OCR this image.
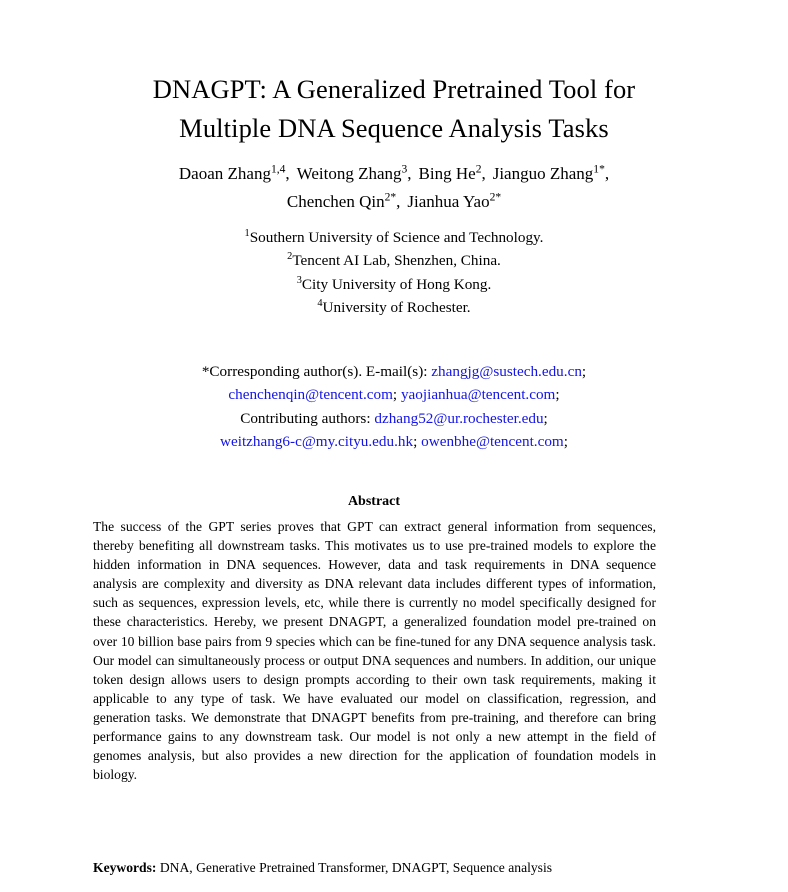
DNAGPT: A Generalized Pretrained Tool for
Multiple DNA Sequence Analysis Tasks
Daoan Zhang$^{1,4}$, Weitong Zhang$^3$, Bing He$^2$, Jianguo Zhang$^{1*}$,
Chenchen Qin$^{2*}$, Jianhua Yao$^{2*}$
$^1$Southern University of Science and Technology.
$^2$Tencent AI Lab, Shenzhen, China.
$^3$City University of Hong Kong.
$^4$University of Rochester.
*Corresponding author(s). E-mail(s): zhangjg@sustech.edu.cn;
chenchenqin@tencent.com; yaojianhua@tencent.com;
Contributing authors: dzhang52@ur.rochester.edu;
weitzhang6-c@my.cityu.edu.hk; owenbhe@tencent.com;
Abstract
The success of the GPT series proves that GPT can extract general information from sequences, thereby benefiting all downstream tasks. This motivates us to use pre-trained models to explore the hidden information in DNA sequences. However, data and task requirements in DNA sequence analysis are complexity and diversity as DNA relevant data includes different types of information, such as sequences, expression levels, etc, while there is currently no model specifically designed for these characteristics. Hereby, we present DNAGPT, a generalized foundation model pre-trained on over 10 billion base pairs from 9 species which can be fine-tuned for any DNA sequence analysis task. Our model can simultaneously process or output DNA sequences and numbers. In addition, our unique token design allows users to design prompts according to their own task requirements, making it applicable to any type of task. We have evaluated our model on classification, regression, and generation tasks. We demonstrate that DNAGPT benefits from pre-training, and therefore can bring performance gains to any downstream task. Our model is not only a new attempt in the field of genomes analysis, but also provides a new direction for the application of foundation models in biology.
Keywords: DNA, Generative Pretrained Transformer, DNAGPT, Sequence analysis
